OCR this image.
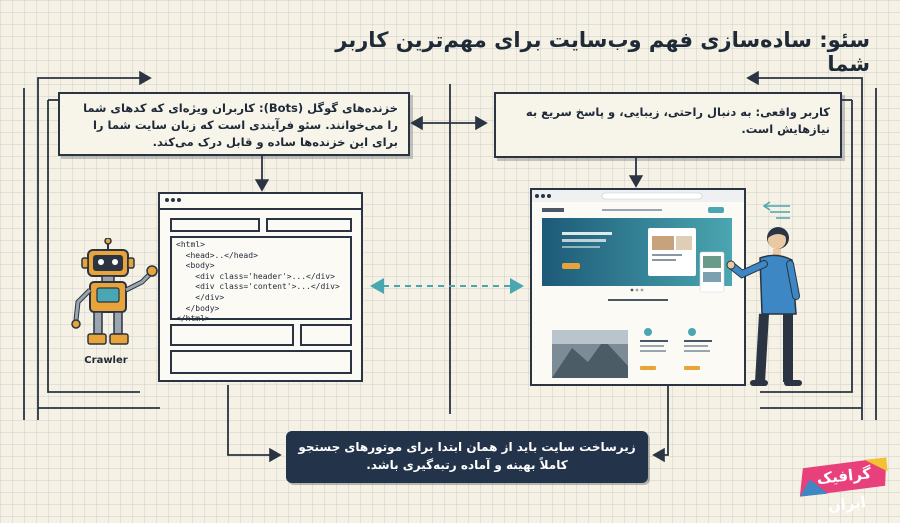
سئو: ساده‌سازی فهم وب‌سایت برای مهم‌ترین کاربر شما
خزنده‌های گوگل (Bots): کاربران ویژه‌ای که کدهای شما را می‌خوانند. سئو فرآیندی است که زبان سایت شما را برای این خزنده‌ها ساده و قابل درک می‌کند.
کاربر واقعی: به دنبال راحتی، زیبایی، و پاسخ سریع به نیازهایش است.
<html>
<head>..</head>
<body>
<div class='header'>...</div>
<div class='content'>...</div>
</div>
</body>
</html>
Crawler
زیرساخت سایت باید از همان ابتدا برای موتورهای جستجو کاملاً بهینه و آماده رتبه‌گیری باشد.	گرافیک ایران
